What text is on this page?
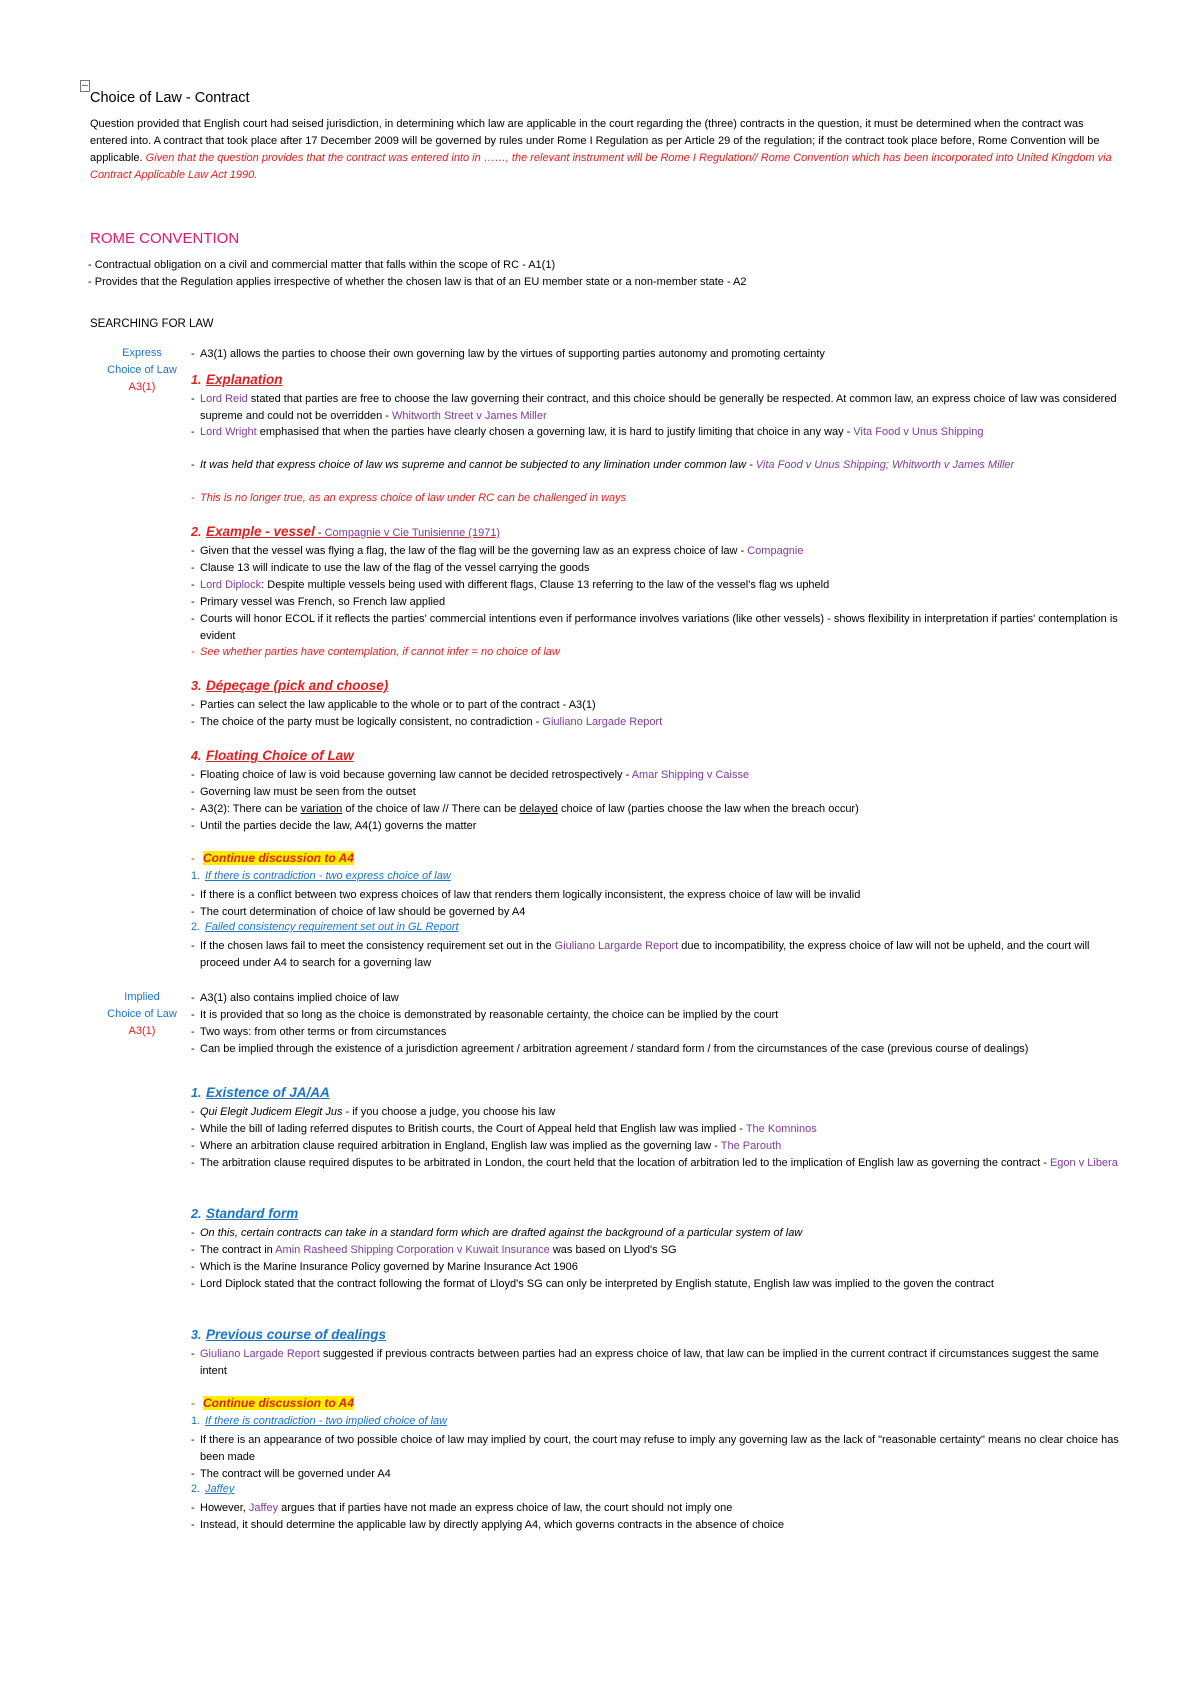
Choice of Law - Contract
Question provided that English court had seised jurisdiction, in determining which law are applicable in the court regarding the (three) contracts in the question, it must be determined when the contract was entered into. A contract that took place after 17 December 2009 will be governed by rules under Rome I Regulation as per Article 29 of the regulation; if the contract took place before, Rome Convention will be applicable. Given that the question provides that the contract was entered into in ……, the relevant instrument will be Rome I Regulation// Rome Convention which has been incorporated into United Kingdom via Contract Applicable Law Act 1990.
ROME CONVENTION
- Contractual obligation on a civil and commercial matter that falls within the scope of RC - A1(1)
- Provides that the Regulation applies irrespective of whether the chosen law is that of an EU member state or a non-member state - A2
SEARCHING FOR LAW
Express
Choice of Law
A3(1)
- A3(1) allows the parties to choose their own governing law by the virtues of supporting parties autonomy and promoting certainty
1. Explanation
- Lord Reid stated that parties are free to choose the law governing their contract, and this choice should be generally be respected. At common law, an express choice of law was considered supreme and could not be overridden - Whitworth Street v James Miller
- Lord Wright emphasised that when the parties have clearly chosen a governing law, it is hard to justify limiting that choice in any way - Vita Food v Unus Shipping
- It was held that express choice of law ws supreme and cannot be subjected to any limination under common law - Vita Food v Unus Shipping; Whitworth v James Miller
- This is no longer true, as an express choice of law under RC can be challenged in ways
2. Example - vessel - Compagnie v Cie Tunisienne (1971)
- Given that the vessel was flying a flag, the law of the flag will be the governing law as an express choice of law - Compagnie
- Clause 13 will indicate to use the law of the flag of the vessel carrying the goods
- Lord Diplock: Despite multiple vessels being used with different flags, Clause 13 referring to the law of the vessel's flag ws upheld
- Primary vessel was French, so French law applied
- Courts will honor ECOL if it reflects the parties' commercial intentions even if performance involves variations (like other vessels) - shows flexibility in interpretation if parties' contemplation is evident
- See whether parties have contemplation, if cannot infer = no choice of law
3. Dépeçage (pick and choose)
- Parties can select the law applicable to the whole or to part of the contract - A3(1)
- The choice of the party must be logically consistent, no contradiction - Giuliano Largade Report
4. Floating Choice of Law
- Floating choice of law is void because governing law cannot be decided retrospectively - Amar Shipping v Caisse
- Governing law must be seen from the outset
- A3(2): There can be variation of the choice of law // There can be delayed choice of law (parties choose the law when the breach occur)
- Until the parties decide the law, A4(1) governs the matter
- Continue discussion to A4
1. If there is contradiction - two express choice of law
- If there is a conflict between two express choices of law that renders them logically inconsistent, the express choice of law will be invalid
- The court determination of choice of law should be governed by A4
2. Failed consistency requirement set out in GL Report
- If the chosen laws fail to meet the consistency requirement set out in the Giuliano Largarde Report due to incompatibility, the express choice of law will not be upheld, and the court will proceed under A4 to search for a governing law
Implied
Choice of Law
A3(1)
- A3(1) also contains implied choice of law
- It is provided that so long as the choice is demonstrated by reasonable certainty, the choice can be implied by the court
- Two ways: from other terms or from circumstances
- Can be implied through the existence of a jurisdiction agreement / arbitration agreement / standard form / from the circumstances of the case (previous course of dealings)
1. Existence of JA/AA
- Qui Elegit Judicem Elegit Jus - if you choose a judge, you choose his law
- While the bill of lading referred disputes to British courts, the Court of Appeal held that English law was implied - The Komninos
- Where an arbitration clause required arbitration in England, English law was implied as the governing law - The Parouth
- The arbitration clause required disputes to be arbitrated in London, the court held that the location of arbitration led to the implication of English law as governing the contract - Egon v Libera
2. Standard form
- On this, certain contracts can take in a standard form which are drafted against the background of a particular system of law
- The contract in Amin Rasheed Shipping Corporation v Kuwait Insurance was based on Llyod's SG
- Which is the Marine Insurance Policy governed by Marine Insurance Act 1906
- Lord Diplock stated that the contract following the format of Lloyd's SG can only be interpreted by English statute, English law was implied to the goven the contract
3. Previous course of dealings
- Giuliano Largade Report suggested if previous contracts between parties had an express choice of law, that law can be implied in the current contract if circumstances suggest the same intent
- Continue discussion to A4
1. If there is contradiction - two implied choice of law
- If there is an appearance of two possible choice of law may implied by court, the court may refuse to imply any governing law as the lack of "reasonable certainty" means no clear choice has been made
- The contract will be governed under A4
2. Jaffey
- However, Jaffey argues that if parties have not made an express choice of law, the court should not imply one
- Instead, it should determine the applicable law by directly applying A4, which governs contracts in the absence of choice
